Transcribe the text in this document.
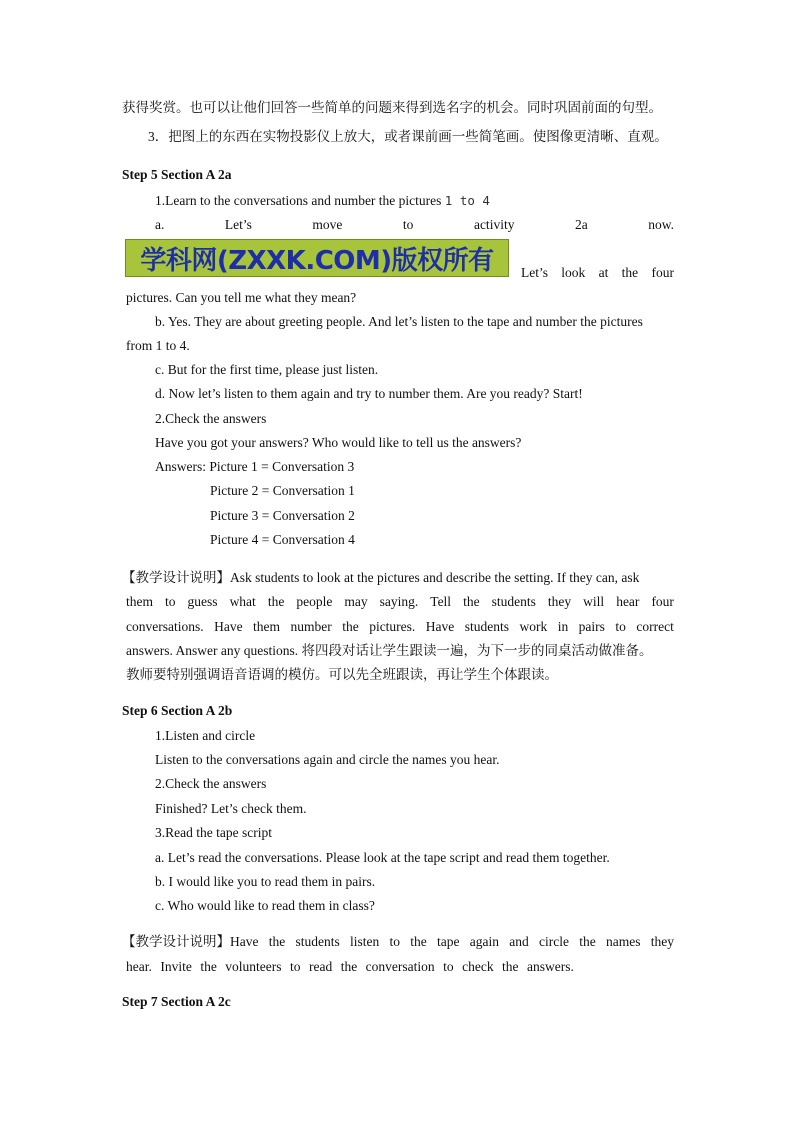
获得奖赏。也可以让他们回答一些简单的问题来得到选名字的机会。同时巩固前面的句型。
3．把图上的东西在实物投影仪上放大，或者课前画一些简笔画。使图像更清晰、直观。
Step 5 Section A 2a
1.Learn to the conversations and number the pictures 1 to 4
a.	Let’s	move	to	activity	2a	now.
学科网(ZXXK.COM)版权所有 Let’s look at the four
pictures. Can you tell me what they mean?
b. Yes. They are about greeting people. And let’s listen to the tape and number the pictures
from 1 to 4.
c. But for the first time, please just listen.
d. Now let’s listen to them again and try to number them. Are you ready? Start!
2.Check the answers
Have you got your answers? Who would like to tell us the answers?
Answers: Picture 1 = Conversation 3
Picture 2 = Conversation 1
Picture 3 = Conversation 2
Picture 4 = Conversation 4
【教学设计说明】Ask students to look at the pictures and describe the setting. If they can, ask
them to guess what the people may saying. Tell the students they will hear four
conversations. Have them number the pictures. Have students work in pairs to correct
answers. Answer any questions. 将四段对话让学生跟读一遍，为下一步的同桌活动做准备。
教师要特别强调语音语调的模仿。可以先全班跟读，再让学生个体跟读。
Step 6 Section A 2b
1.Listen and circle
Listen to the conversations again and circle the names you hear.
2.Check the answers
Finished? Let’s check them.
3.Read the tape script
a. Let’s read the conversations. Please look at the tape script and read them together.
b. I would like you to read them in pairs.
c. Who would like to read them in class?
【教学设计说明】Have the students listen to the tape again and circle the names they
hear. Invite the volunteers to read the conversation to check the answers.
Step 7 Section A 2c
